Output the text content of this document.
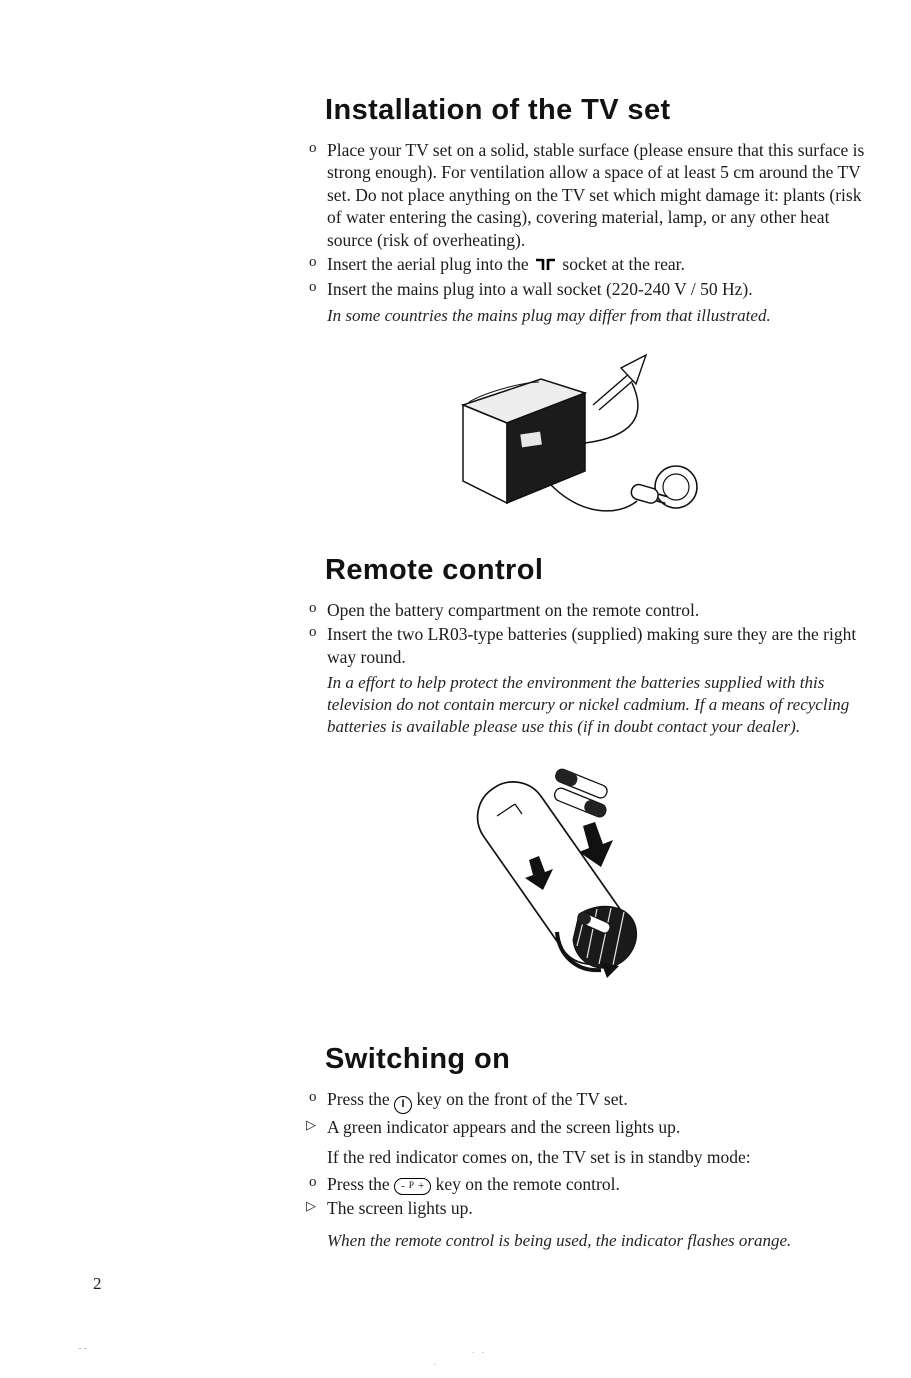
Installation of the TV set
o Place your TV set on a solid, stable surface (please ensure that this surface is strong enough). For ventilation allow a space of at least 5 cm around the TV set. Do not place anything on the TV set which might damage it: plants (risk of water entering the casing), covering material, lamp, or any other heat source (risk of overheating).
o Insert the aerial plug into the socket at the rear.
o Insert the mains plug into a wall socket (220-240 V / 50 Hz).
In some countries the mains plug may differ from that illustrated.
Remote control
o Open the battery compartment on the remote control.
o Insert the two LR03-type batteries (supplied) making sure they are the right way round.
In a effort to help protect the environment the batteries supplied with this television do not contain mercury or nickel cadmium. If a means of recycling batteries is available please use this (if in doubt contact your dealer).
Switching on
o Press the I key on the front of the TV set.
▷ A green indicator appears and the screen lights up.
If the red indicator comes on, the TV set is in standby mode:
o Press the - P + key on the remote control.
▷ The screen lights up.
When the remote control is being used, the indicator flashes orange.
2
--	. .
.
